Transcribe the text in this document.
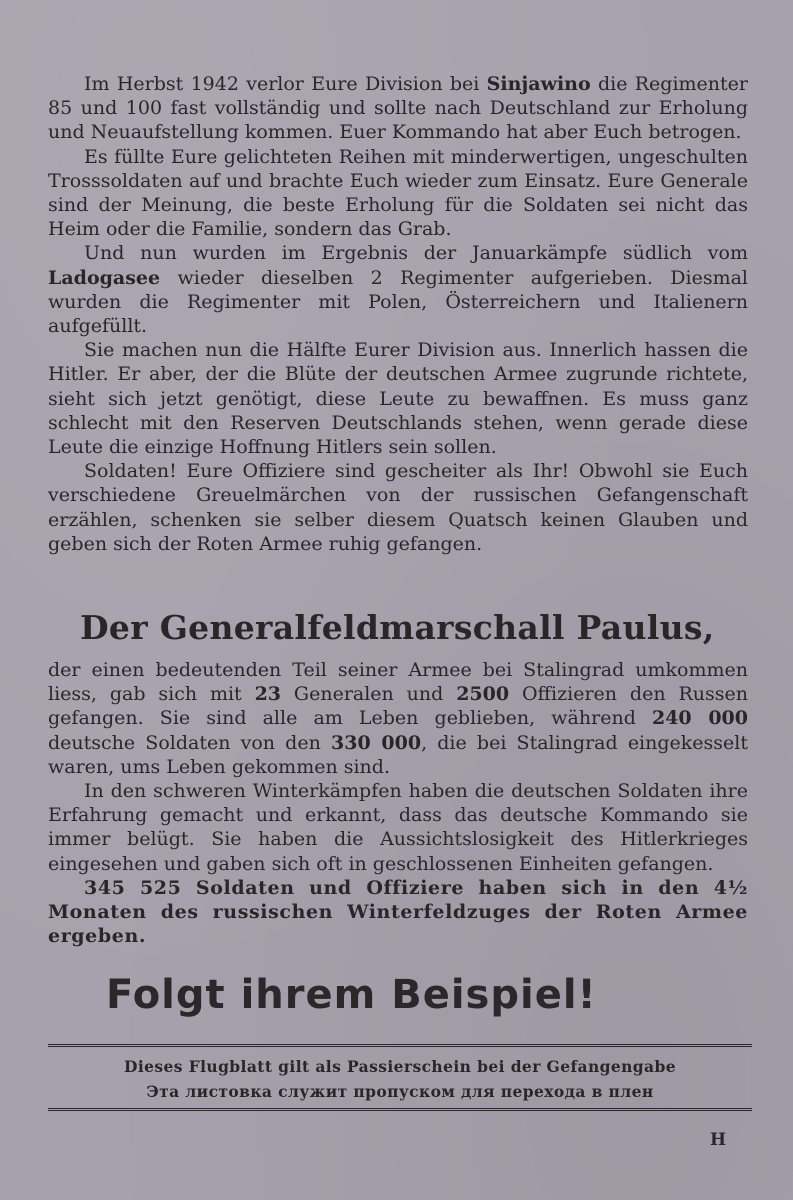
Im Herbst 1942 verlor Eure Division bei Sinjawino die Regimenter 85 und 100 fast vollständig und sollte nach Deutschland zur Erholung und Neuaufstellung kommen. Euer Kommando hat aber Euch betrogen.

Es füllte Eure gelichteten Reihen mit minderwertigen, ungeschulten Trosssoldaten auf und brachte Euch wieder zum Einsatz. Eure Generale sind der Meinung, die beste Erholung für die Soldaten sei nicht das Heim oder die Familie, sondern das Grab.

Und nun wurden im Ergebnis der Januarkämpfe südlich vom Ladogasee wieder dieselben 2 Regimenter aufgerieben. Diesmal wurden die Regimenter mit Polen, Österreichern und Italienern aufgefüllt.

Sie machen nun die Hälfte Eurer Division aus. Innerlich hassen die Hitler. Er aber, der die Blüte der deutschen Armee zugrunde richtete, sieht sich jetzt genötigt, diese Leute zu bewaffnen. Es muss ganz schlecht mit den Reserven Deutschlands stehen, wenn gerade diese Leute die einzige Hoffnung Hitlers sein sollen.

Soldaten! Eure Offiziere sind gescheiter als Ihr! Obwohl sie Euch verschiedene Greuelmärchen von der russischen Gefangenschaft erzählen, schenken sie selber diesem Quatsch keinen Glauben und geben sich der Roten Armee ruhig gefangen.

Der Generalfeldmarschall Paulus,

der einen bedeutenden Teil seiner Armee bei Stalingrad umkommen liess, gab sich mit 23 Generalen und 2500 Offizieren den Russen gefangen. Sie sind alle am Leben geblieben, während 240 000 deutsche Soldaten von den 330 000, die bei Stalingrad eingekesselt waren, ums Leben gekommen sind.

In den schweren Winterkämpfen haben die deutschen Soldaten ihre Erfahrung gemacht und erkannt, dass das deutsche Kommando sie immer belügt. Sie haben die Aussichtslosigkeit des Hitlerkrieges eingesehen und gaben sich oft in geschlossenen Einheiten gefangen.

345 525 Soldaten und Offiziere haben sich in den 4½ Monaten des russischen Winterfeldzuges der Roten Armee ergeben.

Folgt ihrem Beispiel!
Dieses Flugblatt gilt als Passierschein bei der Gefangengabe
Эта листовка служит пропуском для перехода в плен
H
